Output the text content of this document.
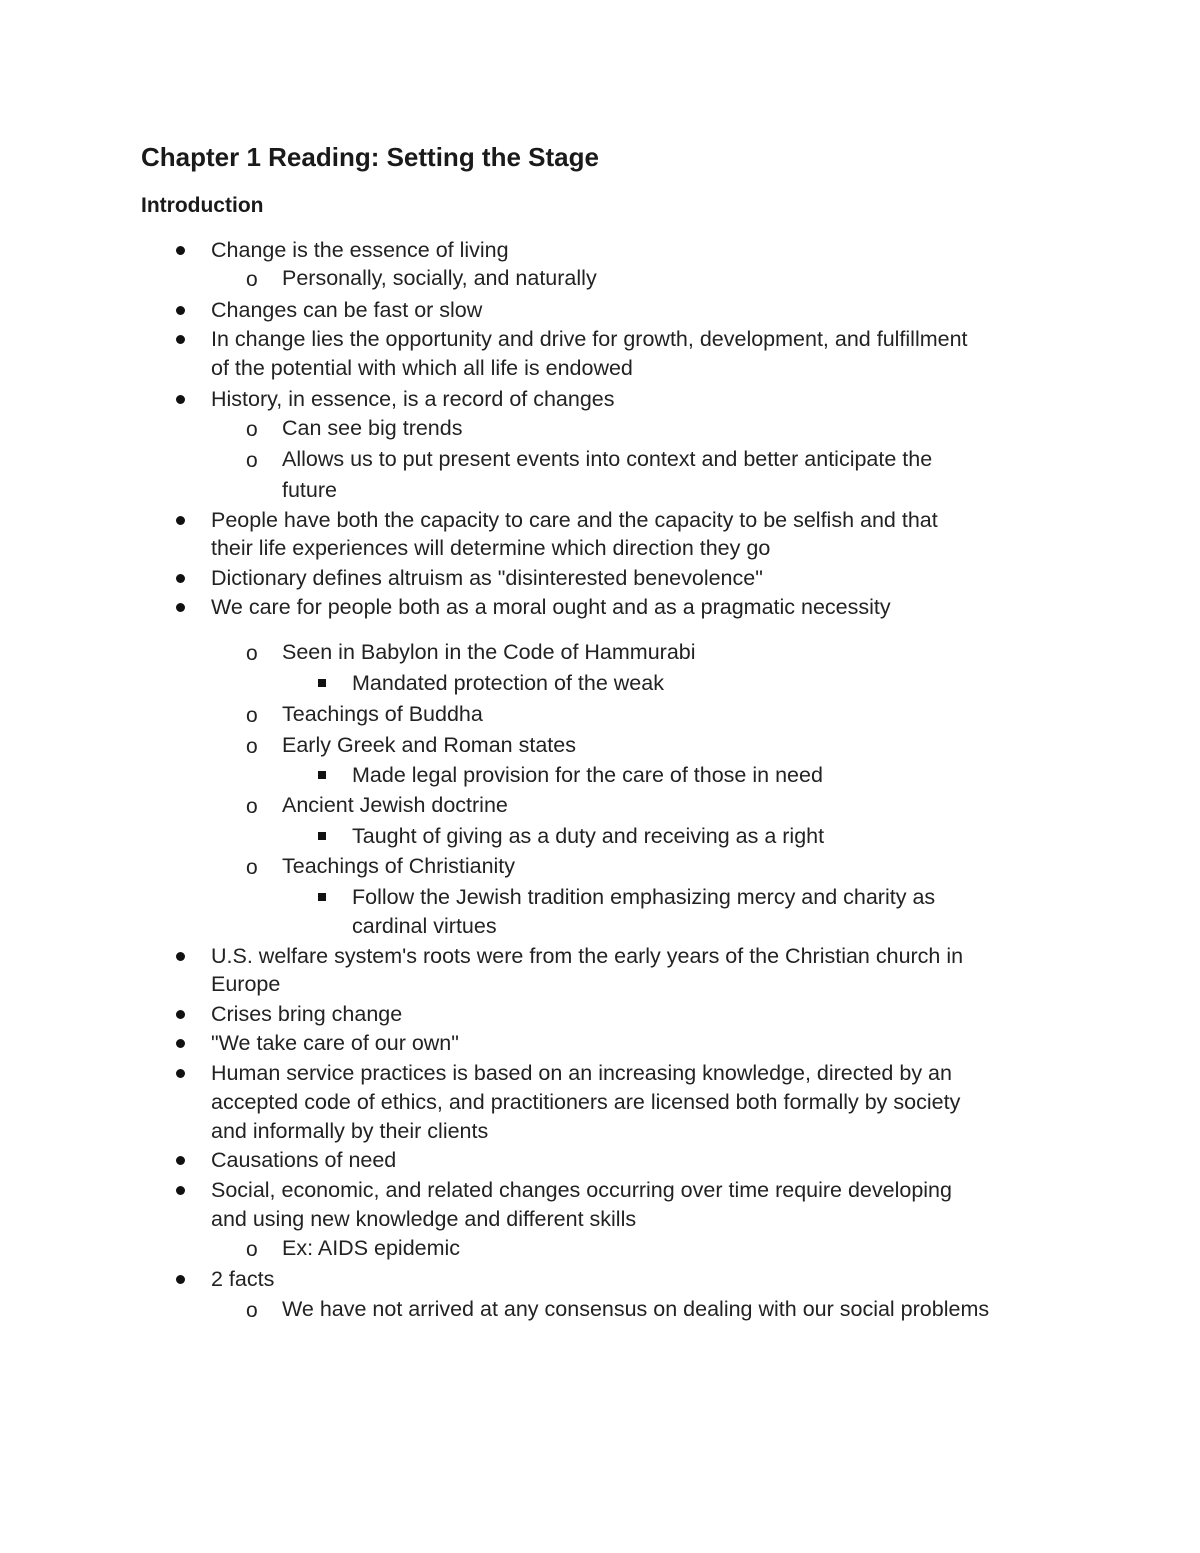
Chapter 1 Reading: Setting the Stage
Introduction
Change is the essence of living
o Personally, socially, and naturally
Changes can be fast or slow
In change lies the opportunity and drive for growth, development, and fulfillment
of the potential with which all life is endowed
History, in essence, is a record of changes
o Can see big trends
o Allows us to put present events into context and better anticipate the
future
People have both the capacity to care and the capacity to be selfish and that
their life experiences will determine which direction they go
Dictionary defines altruism as "disinterested benevolence"
We care for people both as a moral ought and as a pragmatic necessity
o Seen in Babylon in the Code of Hammurabi
Mandated protection of the weak
o Teachings of Buddha
o Early Greek and Roman states
Made legal provision for the care of those in need
o Ancient Jewish doctrine
Taught of giving as a duty and receiving as a right
o Teachings of Christianity
Follow the Jewish tradition emphasizing mercy and charity as
cardinal virtues
U.S. welfare system's roots were from the early years of the Christian church in
Europe
Crises bring change
"We take care of our own"
Human service practices is based on an increasing knowledge, directed by an
accepted code of ethics, and practitioners are licensed both formally by society
and informally by their clients
Causations of need
Social, economic, and related changes occurring over time require developing
and using new knowledge and different skills
o Ex: AIDS epidemic
2 facts
o We have not arrived at any consensus on dealing with our social problems
